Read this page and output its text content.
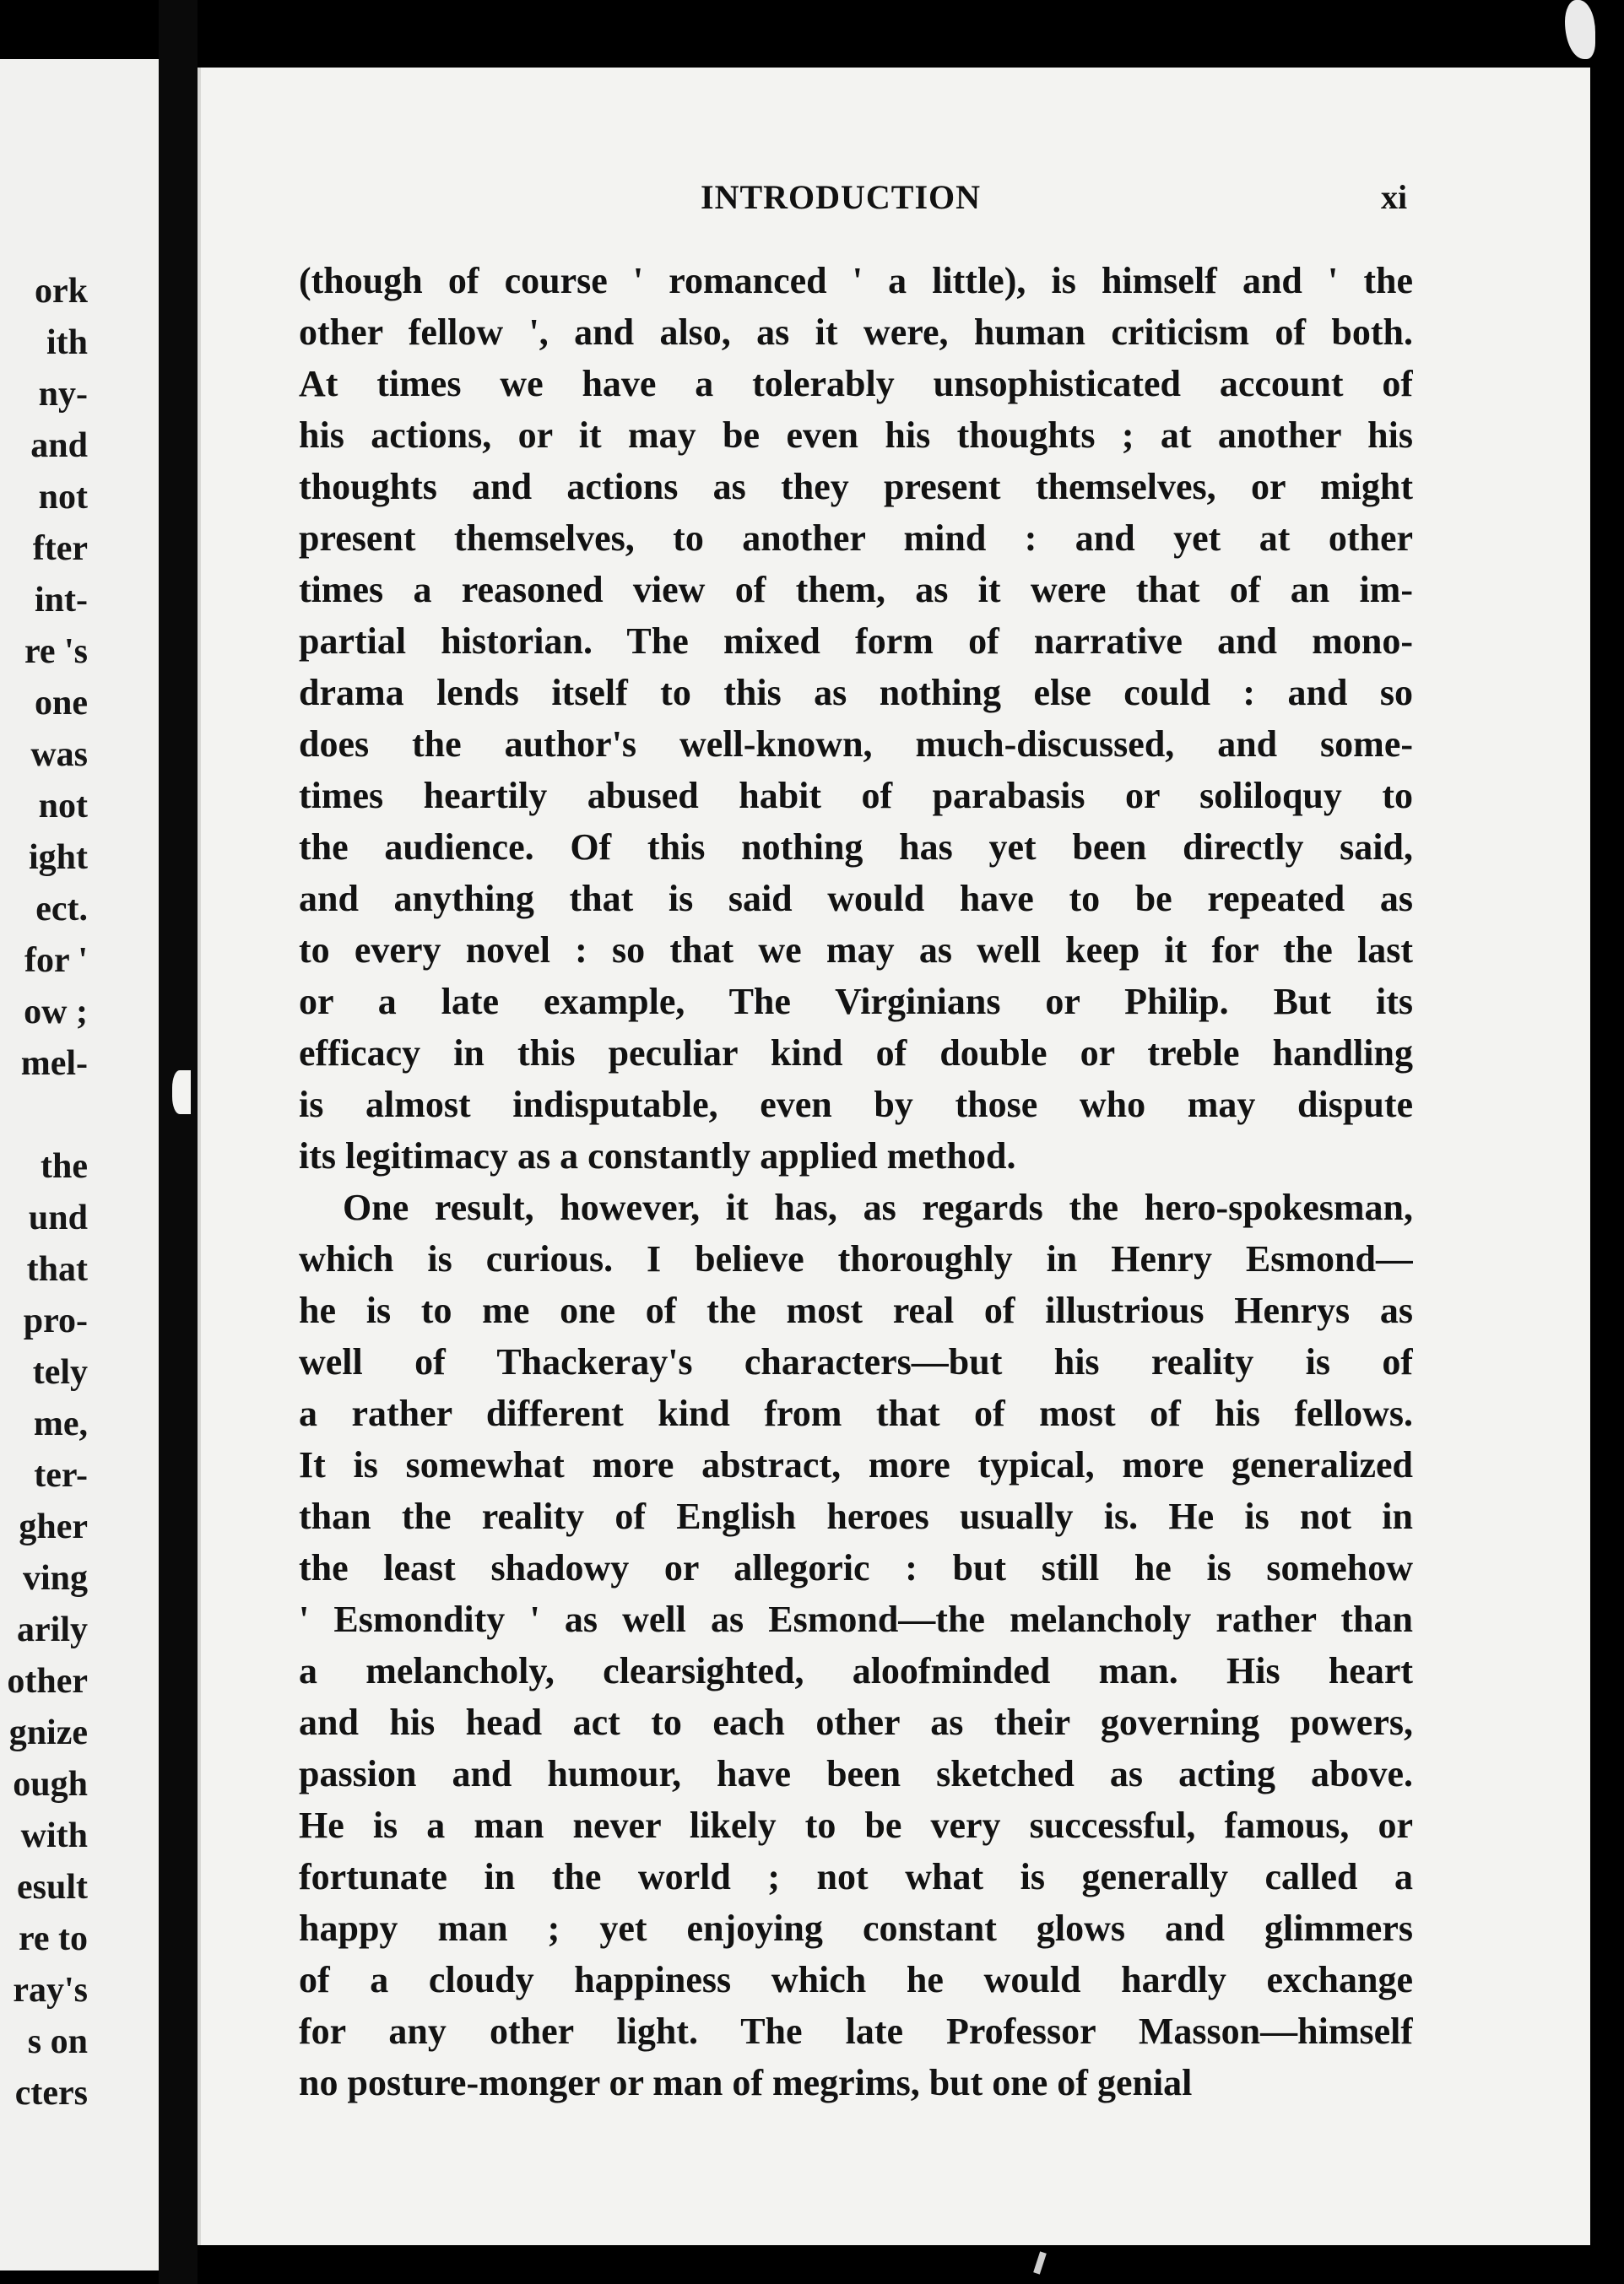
ork
ith
ny-
and
not
fter
int-
re 's
one
was
not
ight
ect.
for '
ow ;
mel-
the
und
that
pro-
tely
me,
ter-
gher
ving
arily
other
gnize
ough
with
esult
re to
ray's
s on
cters
INTRODUCTION	xi
(though of course ' romanced ' a little), is himself and ' the
other fellow ', and also, as it were, human criticism of both.
At times we have a tolerably unsophisticated account of
his actions, or it may be even his thoughts ; at another his
thoughts and actions as they present themselves, or might
present themselves, to another mind : and yet at other
times a reasoned view of them, as it were that of an im-
partial historian. The mixed form of narrative and mono-
drama lends itself to this as nothing else could : and so
does the author's well-known, much-discussed, and some-
times heartily abused habit of parabasis or soliloquy to
the audience. Of this nothing has yet been directly said,
and anything that is said would have to be repeated as
to every novel : so that we may as well keep it for the last
or a late example, The Virginians or Philip. But its
efficacy in this peculiar kind of double or treble handling
is almost indisputable, even by those who may dispute
its legitimacy as a constantly applied method.
One result, however, it has, as regards the hero-spokesman,
which is curious. I believe thoroughly in Henry Esmond—
he is to me one of the most real of illustrious Henrys as
well of Thackeray's characters—but his reality is of
a rather different kind from that of most of his fellows.
It is somewhat more abstract, more typical, more generalized
than the reality of English heroes usually is. He is not in
the least shadowy or allegoric : but still he is somehow
' Esmondity ' as well as Esmond—the melancholy rather than
a melancholy, clearsighted, aloofminded man. His heart
and his head act to each other as their governing powers,
passion and humour, have been sketched as acting above.
He is a man never likely to be very successful, famous, or
fortunate in the world ; not what is generally called a
happy man ; yet enjoying constant glows and glimmers
of a cloudy happiness which he would hardly exchange
for any other light. The late Professor Masson—himself
no posture-monger or man of megrims, but one of genial
